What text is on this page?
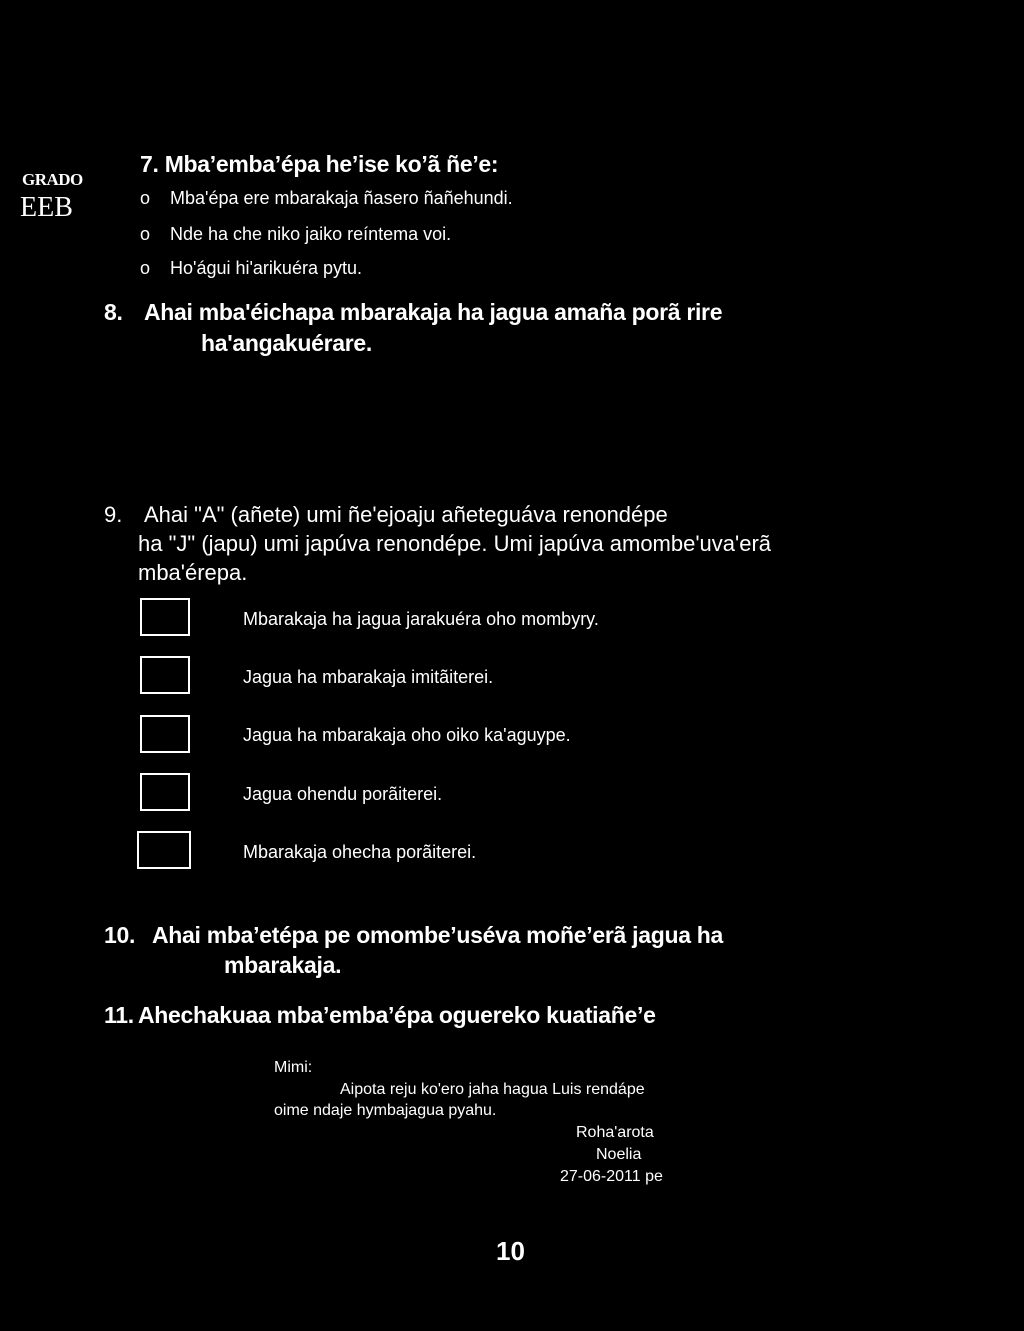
GRADO
EEB
7. Mba’emba’épa he’ise ko’ã ñe’e:
o Mba'épa ere mbarakaja ñasero ñañehundi.
o Nde ha che niko jaiko reíntema voi.
o Ho'águi hi'arikuéra pytu.
8. Ahai mba'éichapa mbarakaja ha jagua amaña porã rire
ha'angakuérare.
9. Ahai "A" (añete) umi ñe'ejoaju añeteguáva renondépe
ha "J" (japu) umi japúva renondépe. Umi japúva amombe'uva'erã
mba'érepa.
Mbarakaja ha jagua jarakuéra oho mombyry.
Jagua ha mbarakaja imitãiterei.
Jagua ha mbarakaja oho oiko ka'aguype.
Jagua ohendu porãiterei.
Mbarakaja ohecha porãiterei.
10. Ahai mba’etépa pe omombe’uséva moñe’erã jagua ha
mbarakaja.
11. Ahechakuaa mba’emba’épa oguereko kuatiañe’e
Mimi:
Aipota reju ko'ero jaha hagua Luis rendápe
oime ndaje hymbajagua pyahu.
Roha'arota
Noelia
27-06-2011 pe
10
